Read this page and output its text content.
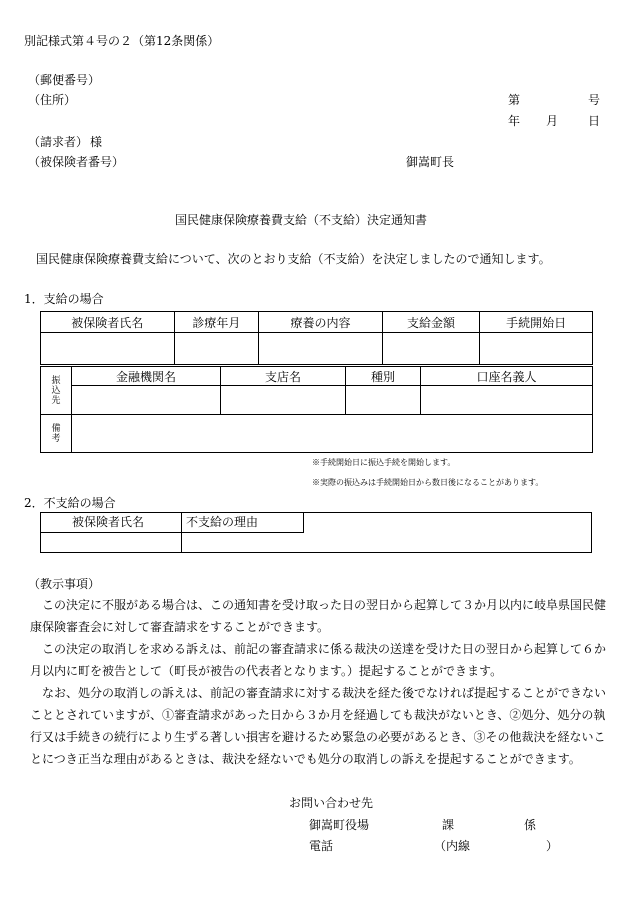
別記様式第４号の２（第12条関係）
（郵便番号）
（住所）
（請求者） 様
（被保険者番号）
第	号
年 月 日
御嵩町長
国民健康保険療養費支給（不支給）決定通知書
国民健康保険療養費支給について、次のとおり支給（不支給）を決定しましたので通知します。
1．支給の場合
被保険者氏名	診療年月	療養の内容	支給金額	手続開始日

振
込
先	金融機関名	支店名	種別	口座名義人

備
考				

※手続開始日に振込手続を開始します。
※実際の振込みは手続開始日から数日後になることがあります。
2．不支給の場合
被保険者氏名	不支給の理由
（教示事項）
この決定に不服がある場合は、この通知書を受け取った日の翌日から起算して３か月以内に岐阜県国民健康保険審査会に対して審査請求をすることができます。
この決定の取消しを求める訴えは、前記の審査請求に係る裁決の送達を受けた日の翌日から起算して６か月以内に町を被告として（町長が被告の代表者となります。）提起することができます。
なお、処分の取消しの訴えは、前記の審査請求に対する裁決を経た後でなければ提起することができないこととされていますが、①審査請求があった日から３か月を経過しても裁決がないとき、②処分、処分の執行又は手続きの続行により生ずる著しい損害を避けるため緊急の必要があるとき、③その他裁決を経ないことにつき正当な理由があるときは、裁決を経ないでも処分の取消しの訴えを提起することができます。
お問い合わせ先
御嵩町役場	課	係
電話	（内線	）
